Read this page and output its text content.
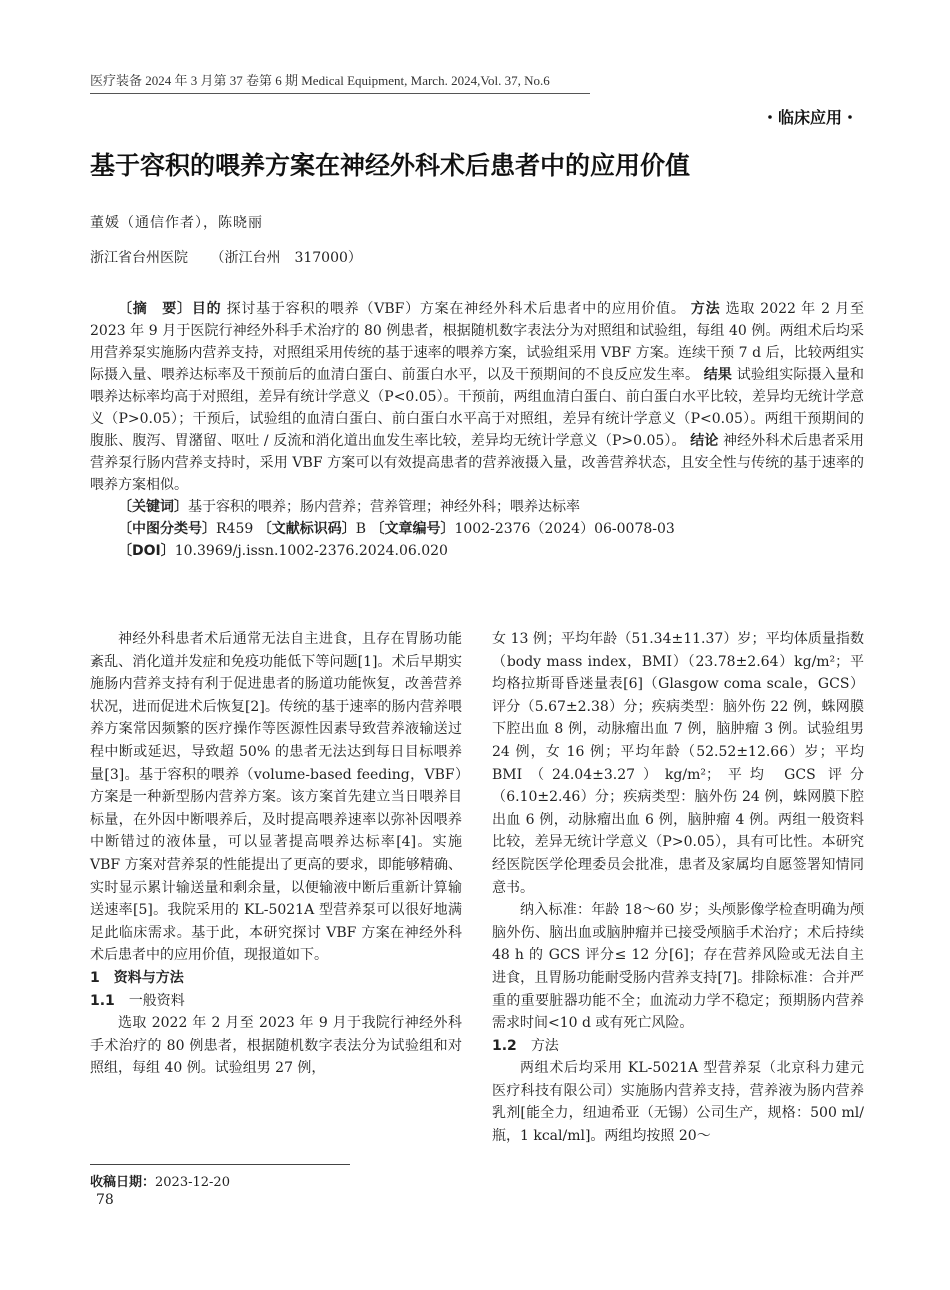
医疗装备 2024 年 3 月第 37 卷第 6 期 Medical Equipment, March. 2024,Vol. 37, No.6
・临床应用・
基于容积的喂养方案在神经外科术后患者中的应用价值
董媛（通信作者），陈晓丽
浙江省台州医院 （浙江台州　317000）

〔摘　要〕目的 探讨基于容积的喂养（VBF）方案在神经外科术后患者中的应用价值。 方法 选取 2022 年 2 月至 2023 年 9 月于医院行神经外科手术治疗的 80 例患者，根据随机数字表法分为对照组和试验组，每组 40 例。两组术后均采用营养泵实施肠内营养支持，对照组采用传统的基于速率的喂养方案，试验组采用 VBF 方案。连续干预 7 d 后，比较两组实际摄入量、喂养达标率及干预前后的血清白蛋白、前蛋白水平，以及干预期间的不良反应发生率。 结果 试验组实际摄入量和喂养达标率均高于对照组，差异有统计学意义（P<0.05）。干预前，两组血清白蛋白、前白蛋白水平比较，差异均无统计学意义（P>0.05）；干预后，试验组的血清白蛋白、前白蛋白水平高于对照组，差异有统计学意义（P<0.05）。两组干预期间的腹胀、腹泻、胃潴留、呕吐 / 反流和消化道出血发生率比较，差异均无统计学意义（P>0.05）。 结论 神经外科术后患者采用营养泵行肠内营养支持时，采用 VBF 方案可以有效提高患者的营养液摄入量，改善营养状态，且安全性与传统的基于速率的喂养方案相似。

〔关键词〕基于容积的喂养；肠内营养；营养管理；神经外科；喂养达标率

〔中图分类号〕R459 〔文献标识码〕B 〔文章编号〕1002-2376（2024）06-0078-03

〔DOI〕10.3969/j.issn.1002-2376.2024.06.020

神经外科患者术后通常无法自主进食，且存在胃肠功能紊乱、消化道并发症和免疫功能低下等问题[1]。术后早期实施肠内营养支持有利于促进患者的肠道功能恢复，改善营养状况，进而促进术后恢复[2]。传统的基于速率的肠内营养喂养方案常因频繁的医疗操作等医源性因素导致营养液输送过程中断或延迟，导致超 50% 的患者无法达到每日目标喂养量[3]。基于容积的喂养（volume-based feeding，VBF）方案是一种新型肠内营养方案。该方案首先建立当日喂养目标量，在外因中断喂养后，及时提高喂养速率以弥补因喂养中断错过的液体量，可以显著提高喂养达标率[4]。实施 VBF 方案对营养泵的性能提出了更高的要求，即能够精确、实时显示累计输送量和剩余量，以便输液中断后重新计算输送速率[5]。我院采用的 KL-5021A 型营养泵可以很好地满足此临床需求。基于此，本研究探讨 VBF 方案在神经外科术后患者中的应用价值，现报道如下。

1 资料与方法
1.1 一般资料

选取 2022 年 2 月至 2023 年 9 月于我院行神经外科手术治疗的 80 例患者，根据随机数字表法分为试验组和对照组，每组 40 例。试验组男 27 例，

女 13 例；平均年龄（51.34±11.37）岁；平均体质量指数（body mass index，BMI）（23.78±2.64）kg/m²；平均格拉斯哥昏迷量表[6]（Glasgow coma scale，GCS）评分（5.67±2.38）分；疾病类型：脑外伤 22 例，蛛网膜下腔出血 8 例，动脉瘤出血 7 例，脑肿瘤 3 例。试验组男 24 例，女 16 例；平均年龄（52.52±12.66）岁；平均 BMI（24.04±3.27）kg/m²；平均 GCS 评分（6.10±2.46）分；疾病类型：脑外伤 24 例，蛛网膜下腔出血 6 例，动脉瘤出血 6 例，脑肿瘤 4 例。两组一般资料比较，差异无统计学意义（P>0.05），具有可比性。本研究经医院医学伦理委员会批准，患者及家属均自愿签署知情同意书。

纳入标准：年龄 18～60 岁；头颅影像学检查明确为颅脑外伤、脑出血或脑肿瘤并已接受颅脑手术治疗；术后持续 48 h 的 GCS 评分≤ 12 分[6]；存在营养风险或无法自主进食，且胃肠功能耐受肠内营养支持[7]。排除标准：合并严重的重要脏器功能不全；血流动力学不稳定；预期肠内营养需求时间<10 d 或有死亡风险。

1.2 方法

两组术后均采用 KL-5021A 型营养泵（北京科力建元医疗科技有限公司）实施肠内营养支持，营养液为肠内营养乳剂[能全力，纽迪希亚（无锡）公司生产，规格：500 ml/瓶，1 kcal/ml]。两组均按照 20～

收稿日期：2023-12-20
78
